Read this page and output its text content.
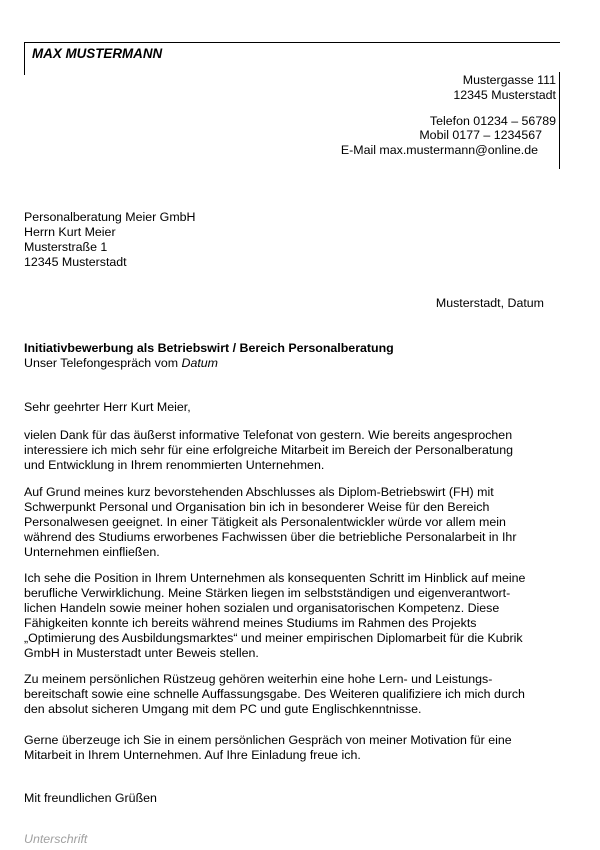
MAX MUSTERMANN
Mustergasse 111
12345 Musterstadt
Telefon 01234 – 56789
Mobil 0177 – 1234567
E-Mail max.mustermann@online.de
Personalberatung Meier GmbH
Herrn Kurt Meier
Musterstraße 1
12345 Musterstadt
Musterstadt, Datum
Initiativbewerbung als Betriebswirt / Bereich Personalberatung
Unser Telefongespräch vom Datum
Sehr geehrter Herr Kurt Meier,
vielen Dank für das äußerst informative Telefonat von gestern. Wie bereits angesprochen
interessiere ich mich sehr für eine erfolgreiche Mitarbeit im Bereich der Personalberatung
und Entwicklung in Ihrem renommierten Unternehmen.
Auf Grund meines kurz bevorstehenden Abschlusses als Diplom-Betriebswirt (FH) mit
Schwerpunkt Personal und Organisation bin ich in besonderer Weise für den Bereich
Personalwesen geeignet. In einer Tätigkeit als Personalentwickler würde vor allem mein
während des Studiums erworbenes Fachwissen über die betriebliche Personalarbeit in Ihr
Unternehmen einfließen.
Ich sehe die Position in Ihrem Unternehmen als konsequenten Schritt im Hinblick auf meine
berufliche Verwirklichung. Meine Stärken liegen im selbstständigen und eigenverantwort-
lichen Handeln sowie meiner hohen sozialen und organisatorischen Kompetenz. Diese
Fähigkeiten konnte ich bereits während meines Studiums im Rahmen des Projekts
„Optimierung des Ausbildungsmarktes“ und meiner empirischen Diplomarbeit für die Kubrik
GmbH in Musterstadt unter Beweis stellen.
Zu meinem persönlichen Rüstzeug gehören weiterhin eine hohe Lern- und Leistungs-
bereitschaft sowie eine schnelle Auffassungsgabe. Des Weiteren qualifiziere ich mich durch
den absolut sicheren Umgang mit dem PC und gute Englischkenntnisse.
Gerne überzeuge ich Sie in einem persönlichen Gespräch von meiner Motivation für eine
Mitarbeit in Ihrem Unternehmen. Auf Ihre Einladung freue ich.
Mit freundlichen Grüßen
Unterschrift
